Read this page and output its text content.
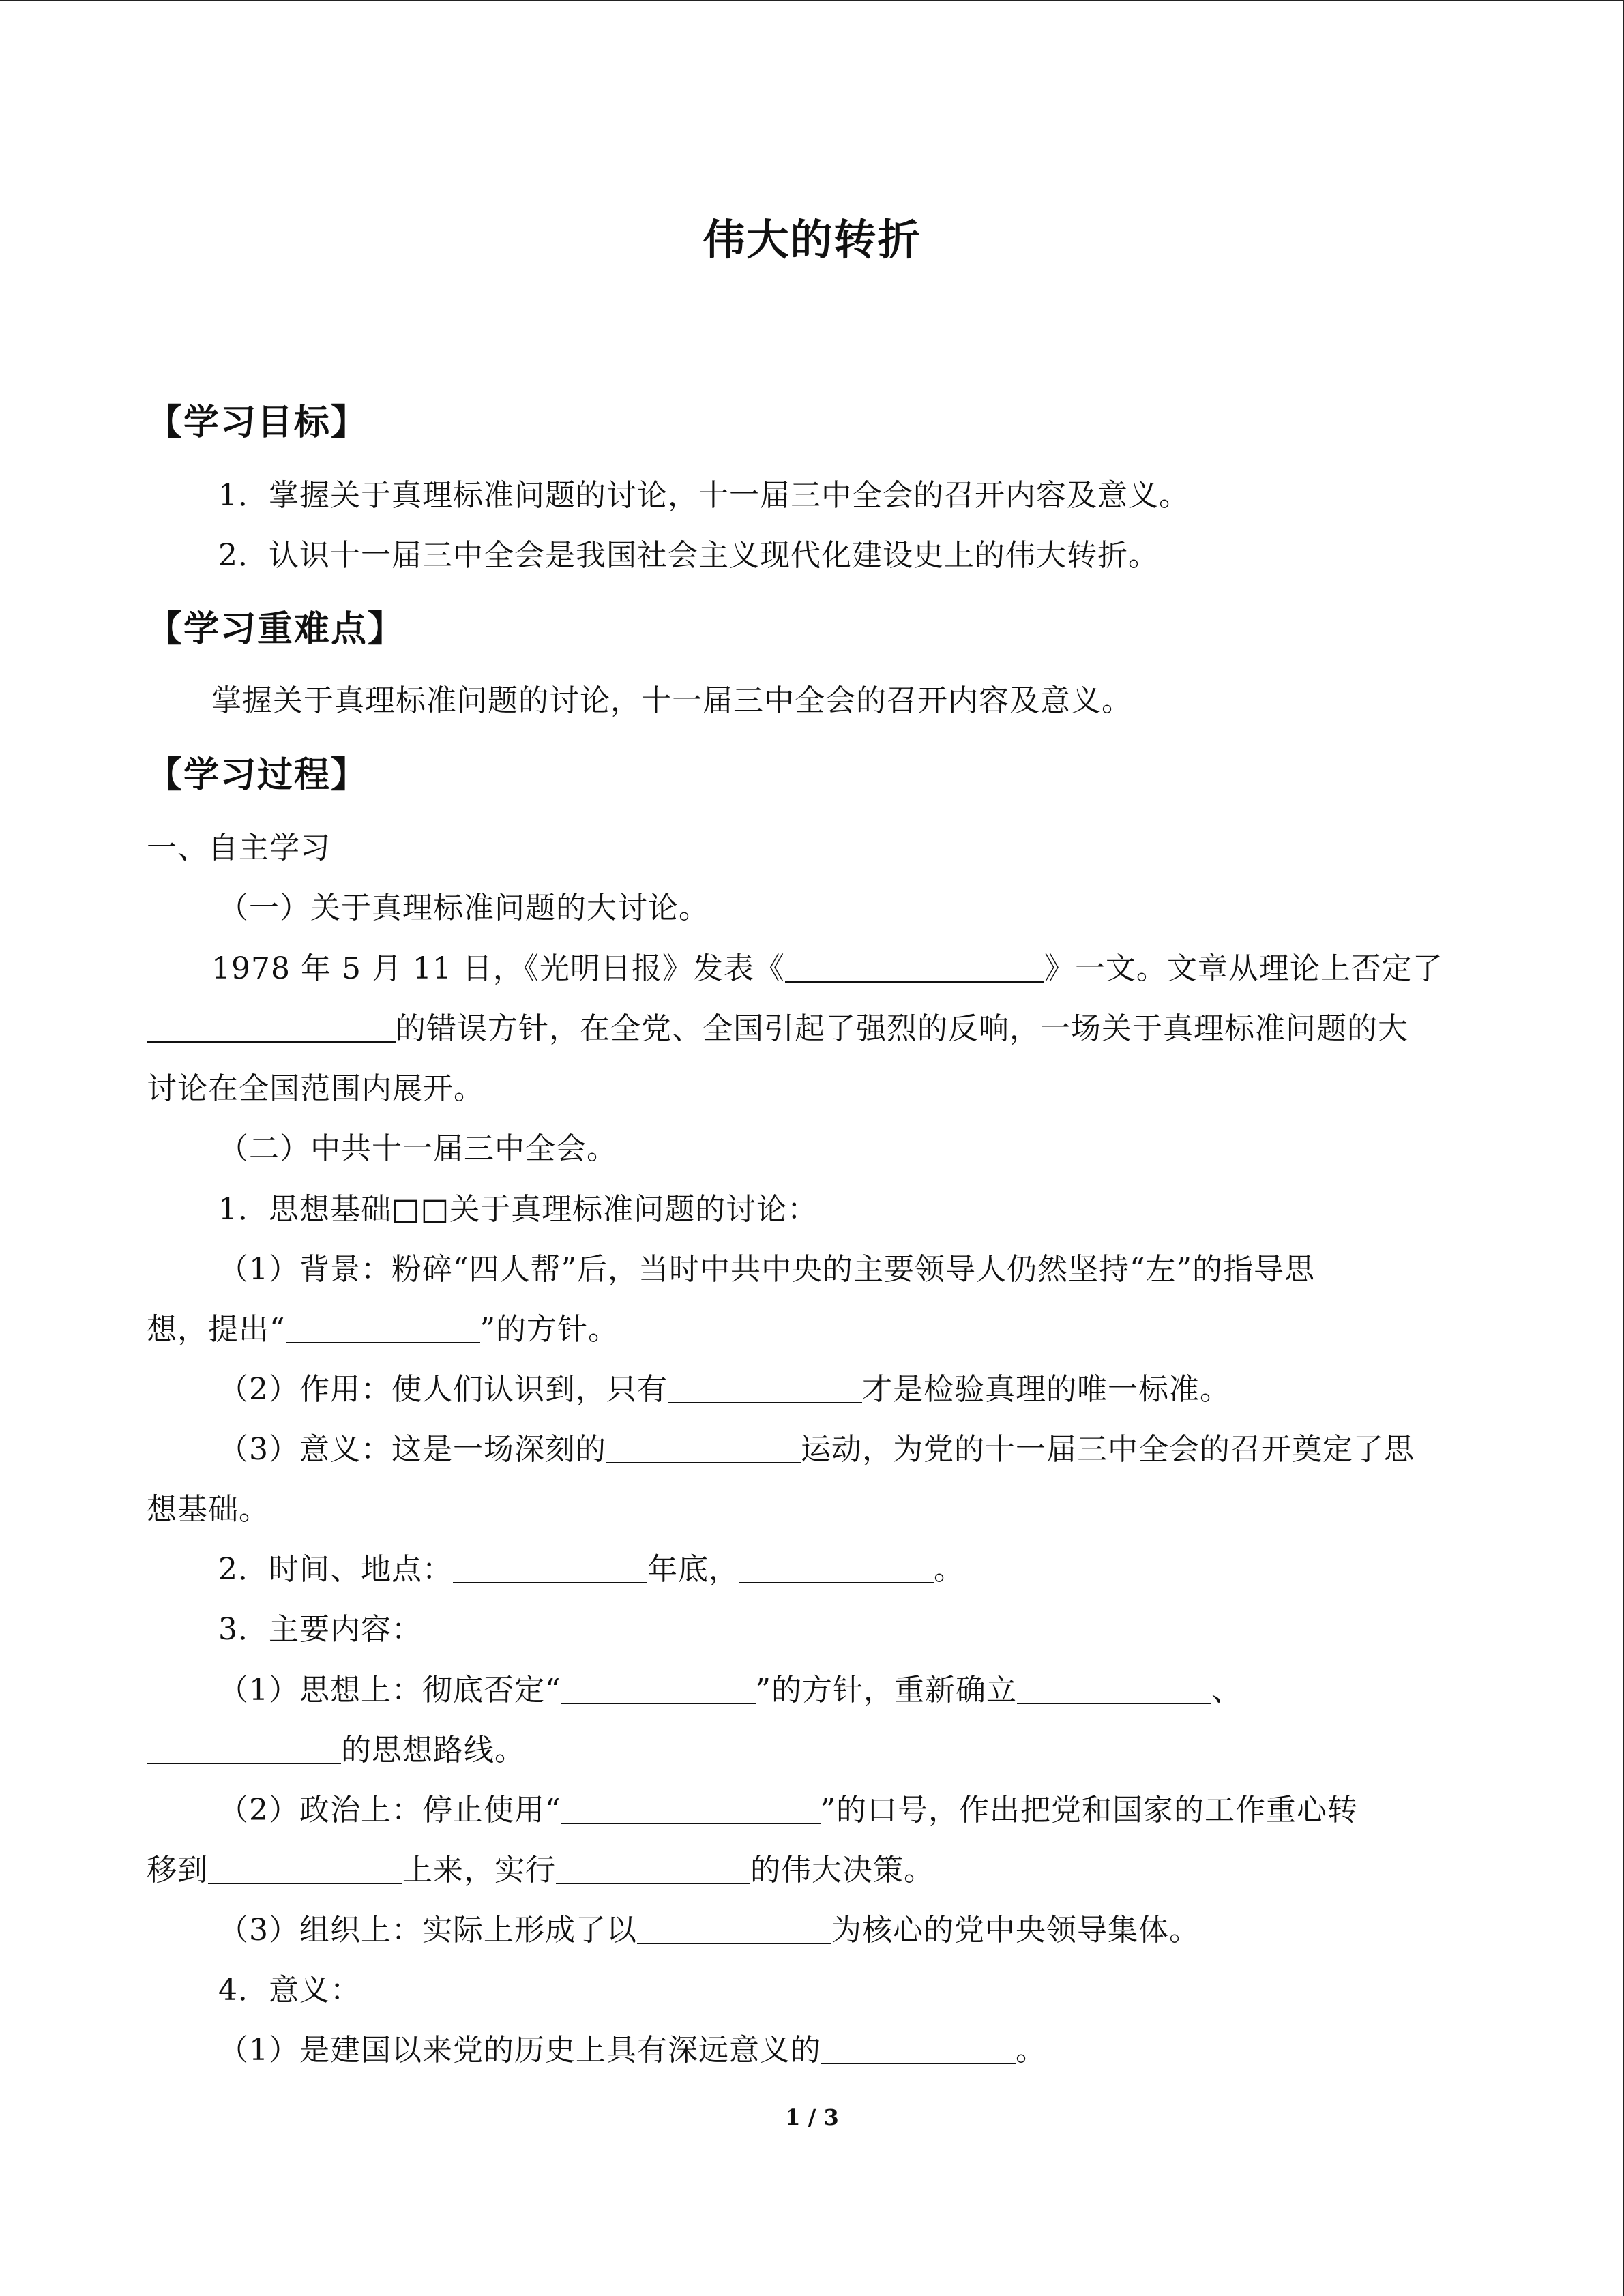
伟大的转折
【学习目标】
1．掌握关于真理标准问题的讨论，十一届三中全会的召开内容及意义。
2．认识十一届三中全会是我国社会主义现代化建设史上的伟大转折。
【学习重难点】
掌握关于真理标准问题的讨论，十一届三中全会的召开内容及意义。
【学习过程】
一、自主学习
（一）关于真理标准问题的大讨论。
1978 年 5 月 11 日，《光明日报》发表《	》一文。文章从理论上否定了
的错误方针，在全党、全国引起了强烈的反响，一场关于真理标准问题的大
讨论在全国范围内展开。
（二）中共十一届三中全会。
1．思想基础□□关于真理标准问题的讨论：
（1）背景：粉碎“四人帮”后，当时中共中央的主要领导人仍然坚持“左”的指导思
想，提出“	”的方针。
（2）作用：使人们认识到，只有	才是检验真理的唯一标准。
（3）意义：这是一场深刻的	运动，为党的十一届三中全会的召开奠定了思
想基础。
2．时间、地点：	年底，	。
3．主要内容：
（1）思想上：彻底否定“	”的方针，重新确立	、
的思想路线。
（2）政治上：停止使用“	”的口号，作出把党和国家的工作重心转
移到	上来，实行	的伟大决策。
（3）组织上：实际上形成了以	为核心的党中央领导集体。
4．意义：
（1）是建国以来党的历史上具有深远意义的	。
1 / 3
